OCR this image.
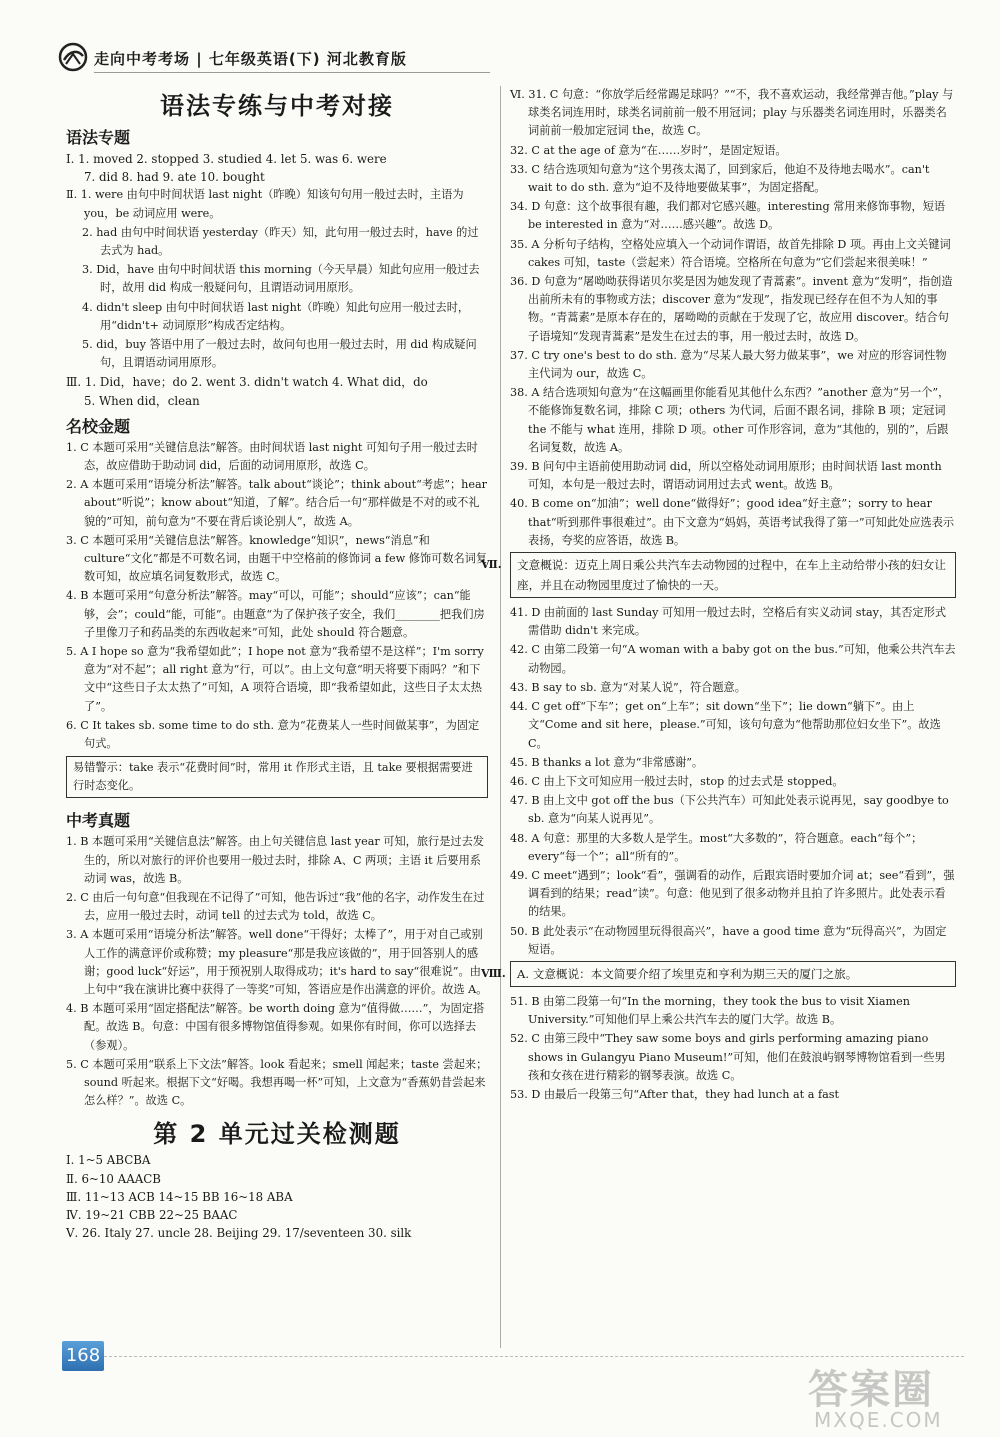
走向中考考场 | 七年级英语(下) 河北教育版
语法专练与中考对接
语法专题
Ⅰ. 1. moved 2. stopped 3. studied 4. let 5. was 6. were
7. did 8. had 9. ate 10. bought
Ⅱ. 1. were 由句中时间状语 last night（昨晚）知该句句用一般过去时，主语为 you，be 动词应用 were。
2. had 由句中时间状语 yesterday（昨天）知，此句用一般过去时，have 的过去式为 had。
3. Did，have 由句中时间状语 this morning（今天早晨）知此句应用一般过去时，故用 did 构成一般疑问句，且谓语动词用原形。
4. didn't sleep 由句中时间状语 last night（昨晚）知此句应用一般过去时，用“didn't+ 动词原形”构成否定结构。
5. did，buy 答语中用了一般过去时，故问句也用一般过去时，用 did 构成疑问句，且谓语动词用原形。
Ⅲ. 1. Did，have；do 2. went 3. didn't watch 4. What did，do
5. When did，clean
名校金题
1. C 本题可采用“关键信息法”解答。由时间状语 last night 可知句子用一般过去时态，故应借助于助动词 did，后面的动词用原形，故选 C。
2. A 本题可采用“语境分析法”解答。talk about“谈论”；think about“考虑”；hear about“听说”；know about“知道，了解”。结合后一句“那样做是不对的或不礼貌的”可知，前句意为“不要在背后谈论别人”，故选 A。
3. C 本题可采用“关键信息法”解答。knowledge“知识”，news“消息”和 culture“文化”都是不可数名词，由题干中空格前的修饰词 a few 修饰可数名词复数可知，故应填名词复数形式，故选 C。
4. B 本题可采用“句意分析法”解答。may“可以，可能”；should“应该”；can“能够，会”；could“能，可能”。由题意“为了保护孩子安全，我们________把我们房子里像刀子和药品类的东西收起来”可知，此处 should 符合题意。
5. A I hope so 意为“我希望如此”；I hope not 意为“我希望不是这样”；I'm sorry 意为“对不起”；all right 意为“行，可以”。由上文句意“明天将要下雨吗？”和下文中“这些日子太太热了”可知，A 项符合语境，即“我希望如此，这些日子太太热了”。
6. C It takes sb. some time to do sth. 意为“花费某人一些时间做某事”，为固定句式。
易错警示：take 表示“花费时间”时，常用 it 作形式主语，且 take 要根据需要进行时态变化。
中考真题
1. B 本题可采用“关键信息法”解答。由上句关键信息 last year 可知，旅行是过去发生的，所以对旅行的评价也要用一般过去时，排除 A、C 两项；主语 it 后要用系动词 was，故选 B。
2. C 由后一句句意“但我现在不记得了”可知，他告诉过“我”他的名字，动作发生在过去，应用一般过去时，动词 tell 的过去式为 told，故选 C。
3. A 本题可采用“语境分析法”解答。well done“干得好；太棒了”，用于对自己或别人工作的满意评价或称赞；my pleasure“那是我应该做的”，用于回答别人的感谢；good luck“好运”，用于预祝别人取得成功；it's hard to say“很难说”。由上句中“我在演讲比赛中获得了一等奖”可知，答语应是作出满意的评价。故选 A。
4. B 本题可采用“固定搭配法”解答。be worth doing 意为“值得做……”，为固定搭配。故选 B。句意：中国有很多博物馆值得参观。如果你有时间，你可以选择去（参观）。
5. C 本题可采用“联系上下文法”解答。look 看起来；smell 闻起来；taste 尝起来；sound 听起来。根据下文“好喝。我想再喝一杯”可知，上文意为“香蕉奶昔尝起来怎么样？”。故选 C。
第 2 单元过关检测题
Ⅰ. 1~5 ABCBA
Ⅱ. 6~10 AAACB
Ⅲ. 11~13 ACB 14~15 BB 16~18 ABA
Ⅳ. 19~21 CBB 22~25 BAAC
Ⅴ. 26. Italy 27. uncle 28. Beijing 29. 17/seventeen 30. silk
Ⅵ. 31. C 句意：“你放学后经常踢足球吗？”“不，我不喜欢运动，我经常弹吉他。”play 与球类名词连用时，球类名词前前一般不用冠词；play 与乐器类名词连用时，乐器类名词前前一般加定冠词 the，故选 C。
32. C at the age of 意为“在……岁时”，是固定短语。
33. C 结合选项知句意为“这个男孩太渴了，回到家后，他迫不及待地去喝水”。can't wait to do sth. 意为“迫不及待地要做某事”，为固定搭配。
34. D 句意：这个故事很有趣，我们都对它感兴趣。interesting 常用来修饰事物，短语 be interested in 意为“对……感兴趣”。故选 D。
35. A 分析句子结构，空格处应填入一个动词作谓语，故首先排除 D 项。再由上文关键词 cakes 可知，taste（尝起来）符合语境。空格所在句意为“它们尝起来很美味！”
36. D 句意为“屠呦呦获得诺贝尔奖是因为她发现了青蒿素”。invent 意为“发明”，指创造出前所未有的事物或方法；discover 意为“发现”，指发现已经存在但不为人知的事物。“青蒿素”是原本存在的，屠呦呦的贡献在于发现了它，故应用 discover。结合句子语境知“发现青蒿素”是发生在过去的事，用一般过去时，故选 D。
37. C try one's best to do sth. 意为“尽某人最大努力做某事”，we 对应的形容词性物主代词为 our，故选 C。
38. A 结合选项知句意为“在这幅画里你能看见其他什么东西？”another 意为“另一个”，不能修饰复数名词，排除 C 项；others 为代词，后面不跟名词，排除 B 项；定冠词 the 不能与 what 连用，排除 D 项。other 可作形容词，意为“其他的，别的”，后跟名词复数，故选 A。
39. B 问句中主语前使用助动词 did，所以空格处动词用原形；由时间状语 last month 可知，本句是一般过去时，谓语动词用过去式 went。故选 B。
40. B come on“加油”；well done“做得好”；good idea“好主意”；sorry to hear that“听到那件事很难过”。由下文意为“妈妈，英语考试我得了第一”可知此处应选表示表扬，夸奖的应答语，故选 B。
Ⅶ. 文意概说：迈克上周日乘公共汽车去动物园的过程中，在车上主动给带小孩的妇女让座，并且在动物园里度过了愉快的一天。
41. D 由前面的 last Sunday 可知用一般过去时，空格后有实义动词 stay，其否定形式需借助 didn't 来完成。
42. C 由第二段第一句“A woman with a baby got on the bus.”可知，他乘公共汽车去动物园。
43. B say to sb. 意为“对某人说”，符合题意。
44. C get off“下车”；get on“上车”；sit down“坐下”；lie down“躺下”。由上文“Come and sit here，please.”可知，该句句意为“他帮助那位妇女坐下”。故选 C。
45. B thanks a lot 意为“非常感谢”。
46. C 由上下文可知应用一般过去时，stop 的过去式是 stopped。
47. B 由上文中 got off the bus（下公共汽车）可知此处表示说再见，say goodbye to sb. 意为“向某人说再见”。
48. A 句意：那里的大多数人是学生。most“大多数的”，符合题意。each“每个”；every“每一个”；all“所有的”。
49. C meet“遇到”；look“看”，强调看的动作，后跟宾语时要加介词 at；see“看到”，强调看到的结果；read“读”。句意：他见到了很多动物并且拍了许多照片。此处表示看的结果。
50. B 此处表示“在动物园里玩得很高兴”，have a good time 意为“玩得高兴”，为固定短语。
Ⅷ. A. 文意概说：本文简要介绍了埃里克和亨利为期三天的厦门之旅。
51. B 由第二段第一句“In the morning，they took the bus to visit Xiamen University.”可知他们早上乘公共汽车去的厦门大学。故选 B。
52. C 由第三段中“They saw some boys and girls performing amazing piano shows in Gulangyu Piano Museum!”可知，他们在鼓浪屿钢琴博物馆看到一些男孩和女孩在进行精彩的钢琴表演。故选 C。
53. D 由最后一段第三句“After that，they had lunch at a fast
168
答案圈
MXQE.COM
